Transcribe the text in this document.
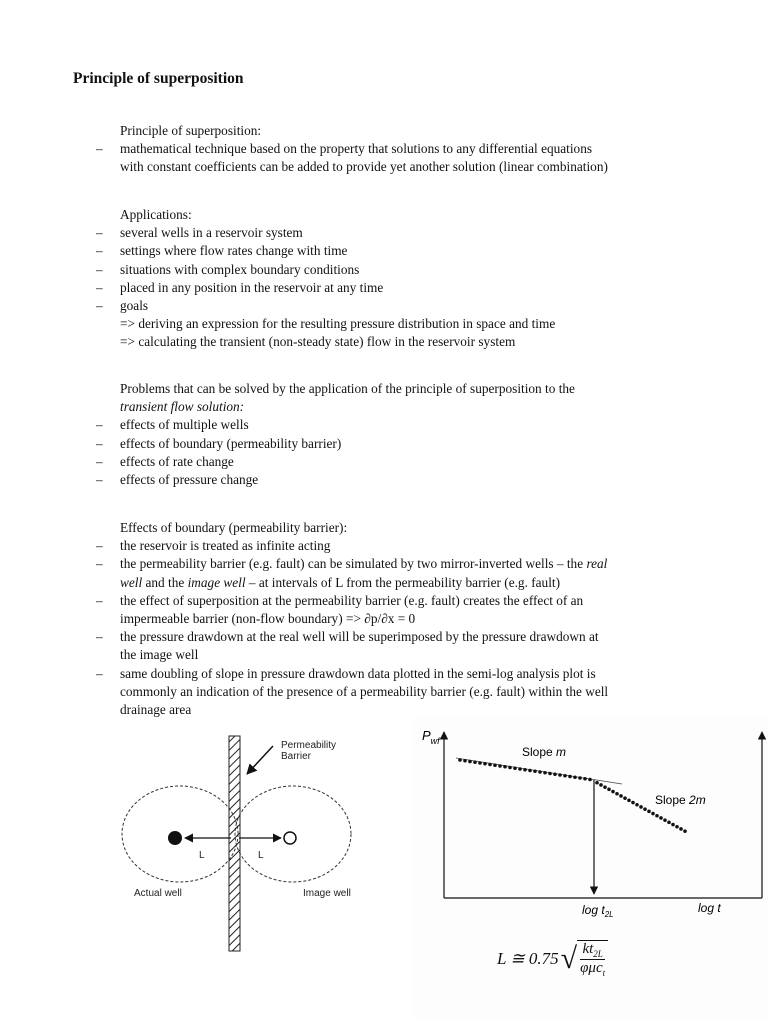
Principle of superposition
Principle of superposition:
– mathematical technique based on the property that solutions to any differential equations
with constant coefficients can be added to provide yet another solution (linear combination)
Applications:
– several wells in a reservoir system
– settings where flow rates change with time
– situations with complex boundary conditions
– placed in any position in the reservoir at any time
– goals
=> deriving an expression for the resulting pressure distribution in space and time
=> calculating the transient (non-steady state) flow in the reservoir system
Problems that can be solved by the application of the principle of superposition to the
transient flow solution:
– effects of multiple wells
– effects of boundary (permeability barrier)
– effects of rate change
– effects of pressure change
Effects of boundary (permeability barrier):
– the reservoir is treated as infinite acting
– the permeability barrier (e.g. fault) can be simulated by two mirror-inverted wells – the real
well and the image well – at intervals of L from the permeability barrier (e.g. fault)
– the effect of superposition at the permeability barrier (e.g. fault) creates the effect of an
impermeable barrier (non-flow boundary) => ∂p/∂x = 0
– the pressure drawdown at the real well will be superimposed by the pressure drawdown at
the image well
– same doubling of slope in pressure drawdown data plotted in the semi-log analysis plot is
commonly an indication of the presence of a permeability barrier (e.g. fault) within the well
drainage area
Permeability
Barrier
L	L
Actual well	Image well
$P_{wf}$
Slope m
Slope 2m
$\log t_{2L}$	log t
L ≅ 0.75 √ $kt_{2L}$
φμc$_t$
